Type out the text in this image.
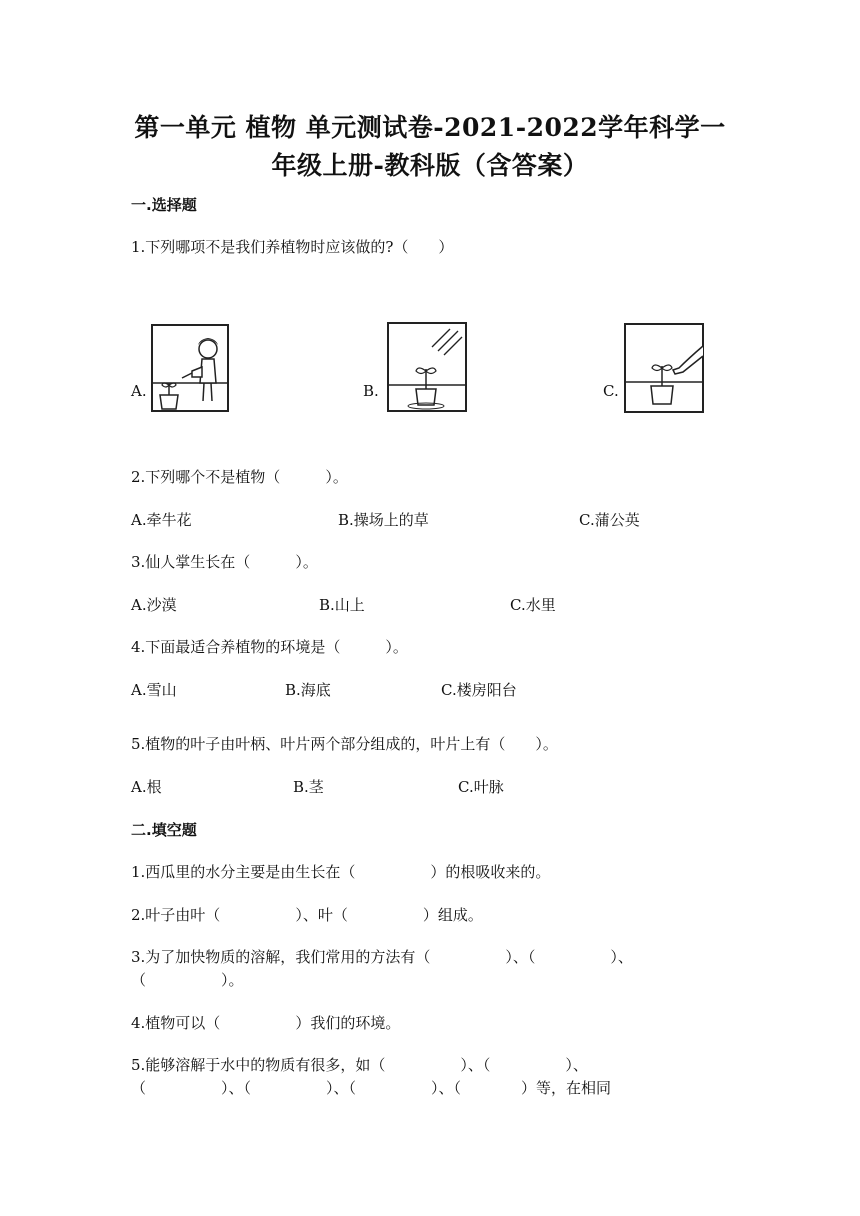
第一单元 植物 单元测试卷-2021-2022学年科学一
年级上册-教科版（含答案）
一.选择题
1.下列哪项不是我们养植物时应该做的?（　　）
A.	B.	C.
2.下列哪个不是植物（　　　）。
A.牵牛花	B.操场上的草	C.蒲公英
3.仙人掌生长在（　　　）。
A.沙漠	B.山上	C.水里
4.下面最适合养植物的环境是（　　　）。
A.雪山	B.海底	C.楼房阳台
5.植物的叶子由叶柄、叶片两个部分组成的，叶片上有（　　）。
A.根	B.茎	C.叶脉
二.填空题
1.西瓜里的水分主要是由生长在（　　　　　）的根吸收来的。
2.叶子由叶（　　　　　）、叶（　　　　　）组成。
3.为了加快物质的溶解，我们常用的方法有（　　　　　）、（　　　　　）、
（　　　　　）。
4.植物可以（　　　　　）我们的环境。
5.能够溶解于水中的物质有很多，如（　　　　　）、（　　　　　）、
（　　　　　）、（　　　　　）、（　　　　　）、（　　　　）等，在相同
